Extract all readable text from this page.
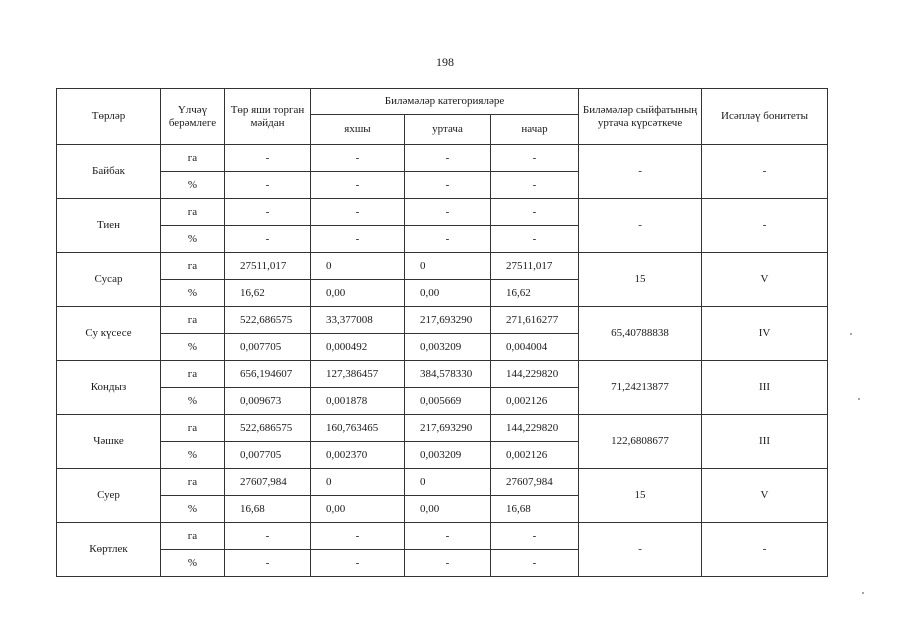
198
Төрләр	Үлчәү берәмлеге	Төр яши торган мәйдан	Биләмәләр категорияләре			Биләмәләр сыйфатының уртача күрсәткече	Исәпләү бонитеты
			яхшы	уртача	начар		
Байбак	га	-	-	-	-	-	-
	%	-	-	-	-		
Тиен	га	-	-	-	-	-	-
	%	-	-	-	-		
Сусар	га	27511,017	0	0	27511,017	15	V
	%	16,62	0,00	0,00	16,62		
Су күсесе	га	522,686575	33,377008	217,693290	271,616277	65,40788838	IV
	%	0,007705	0,000492	0,003209	0,004004		
Кондыз	га	656,194607	127,386457	384,578330	144,229820	71,24213877	III
	%	0,009673	0,001878	0,005669	0,002126		
Чәшке	га	522,686575	160,763465	217,693290	144,229820	122,6808677	III
	%	0,007705	0,002370	0,003209	0,002126		
Суер	га	27607,984	0	0	27607,984	15	V
	%	16,68	0,00	0,00	16,68		
Көртлек	га	-	-	-	-	-	-
	%	-	-	-	-		
